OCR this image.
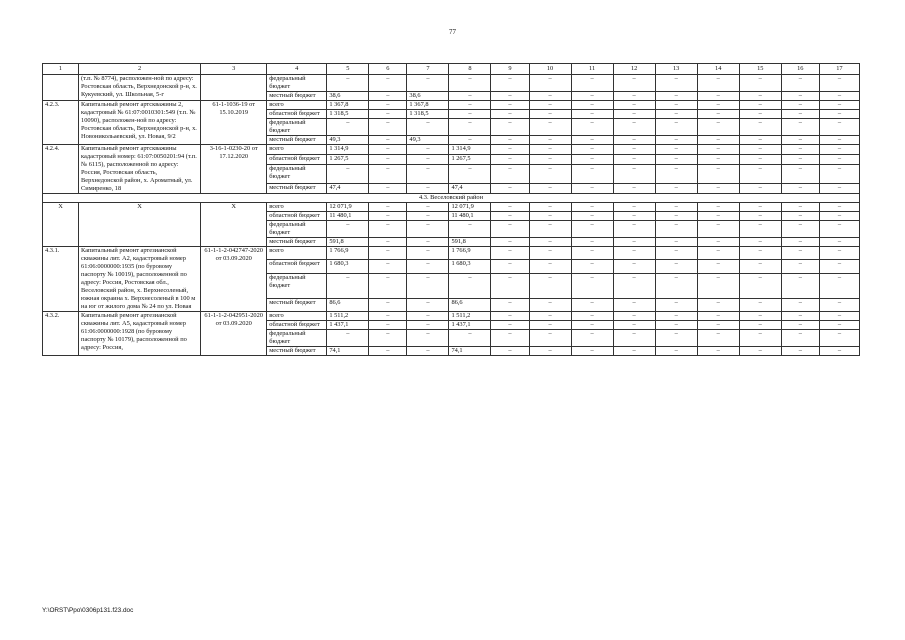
77
1	2	3	4	5	6	7	8	9	10	11	12	13	14	15	16	17
	(т.п. № 8774), расположен-ной по адресу: Ростовская область, Верхнедонской р-н, х. Кукуевский, ул. Школьная, 5-г		федеральный бюджет	–	–	–	–	–	–	–	–	–	–	–	–	–
			местный бюджет	38,6	–	38,6	–	–	–	–	–	–	–	–	–	–
4.2.3.	Капитальный ремонт артскважины 2, кадастровый № 61:07:0010301:549 (т.п. № 10090), расположен-ной по адресу: Ростовская область, Верхнедонской р-н, х. Новоникольаевский, ул. Новая, 9/2	61-1-1036-19 от 15.10.2019	всего	1 367,8	–	1 367,8	–	–	–	–	–	–	–	–	–	–
			областной бюджет	1 318,5	–	1 318,5	–	–	–	–	–	–	–	–	–	–
			федеральный бюджет	–	–	–	–	–	–	–	–	–	–	–	–	–
			местный бюджет	49,3	–	49,3	–	–	–	–	–	–	–	–	–	–
4.2.4.	Капитальный ремонт артскважины кадастровый номер: 61:07:0050201:94 (т.п. № 6115), расположенной по адресу: Россия, Ростовская область, Верхнедонской район, х. Ароматный, ул. Симиренко, 18	3-16-1-0230-20 от 17.12.2020	всего	1 314,9	–	–	1 314,9	–	–	–	–	–	–	–	–	–
			областной бюджет	1 267,5	–	–	1 267,5	–	–	–	–	–	–	–	–	–
			федеральный бюджет	–	–	–	–	–	–	–	–	–	–	–	–	–
			местный бюджет	47,4	–	–	47,4	–	–	–	–	–	–	–	–	–
4.3. Веселовский район																
Х	Х	Х	всего	12 071,9	–	–	12 071,9	–	–	–	–	–	–	–	–	–
			областной бюджет	11 480,1	–	–	11 480,1	–	–	–	–	–	–	–	–	–
			федеральный бюджет	–	–	–	–	–	–	–	–	–	–	–	–	–
			местный бюджет	591,8	–	–	591,8	–	–	–	–	–	–	–	–	–
4.3.1.	Капитальный ремонт артезианской скважины лит. А2, кадастровый номер 61:06:0000000:1935 (по буровому паспорту № 10019), расположенной по адресу: Россия, Ростовская обл., Веселовский район, х. Верхнесоленый, южная окраина х. Верхнесоленый в 100 м на юг от жилого дома № 24 по ул. Новая	61-1-1-2-042747-2020 от 03.09.2020	всего	1 766,9	–	–	1 766,9	–	–	–	–	–	–	–	–	–
			областной бюджет	1 680,3	–	–	1 680,3	–	–	–	–	–	–	–	–	–
			федеральный бюджет	–	–	–	–	–	–	–	–	–	–	–	–	–
			местный бюджет	86,6	–	–	86,6	–	–	–	–	–	–	–	–	–
4.3.2.	Капитальный ремонт артезианской скважины лит. А5, кадастровый номер 61:06:0000000:1928 (по буровому паспорту № 10179), расположенной по адресу: Россия,	61-1-1-2-042951-2020 от 03.09.2020	всего	1 511,2	–	–	1 511,2	–	–	–	–	–	–	–	–	–
			областной бюджет	1 437,1	–	–	1 437,1	–	–	–	–	–	–	–	–	–
			федеральный бюджет	–	–	–	–	–	–	–	–	–	–	–	–	–
			местный бюджет	74,1	–	–	74,1	–	–	–	–	–	–	–	–	–
Y:\ORST\Ppo\0306p131.f23.doc
